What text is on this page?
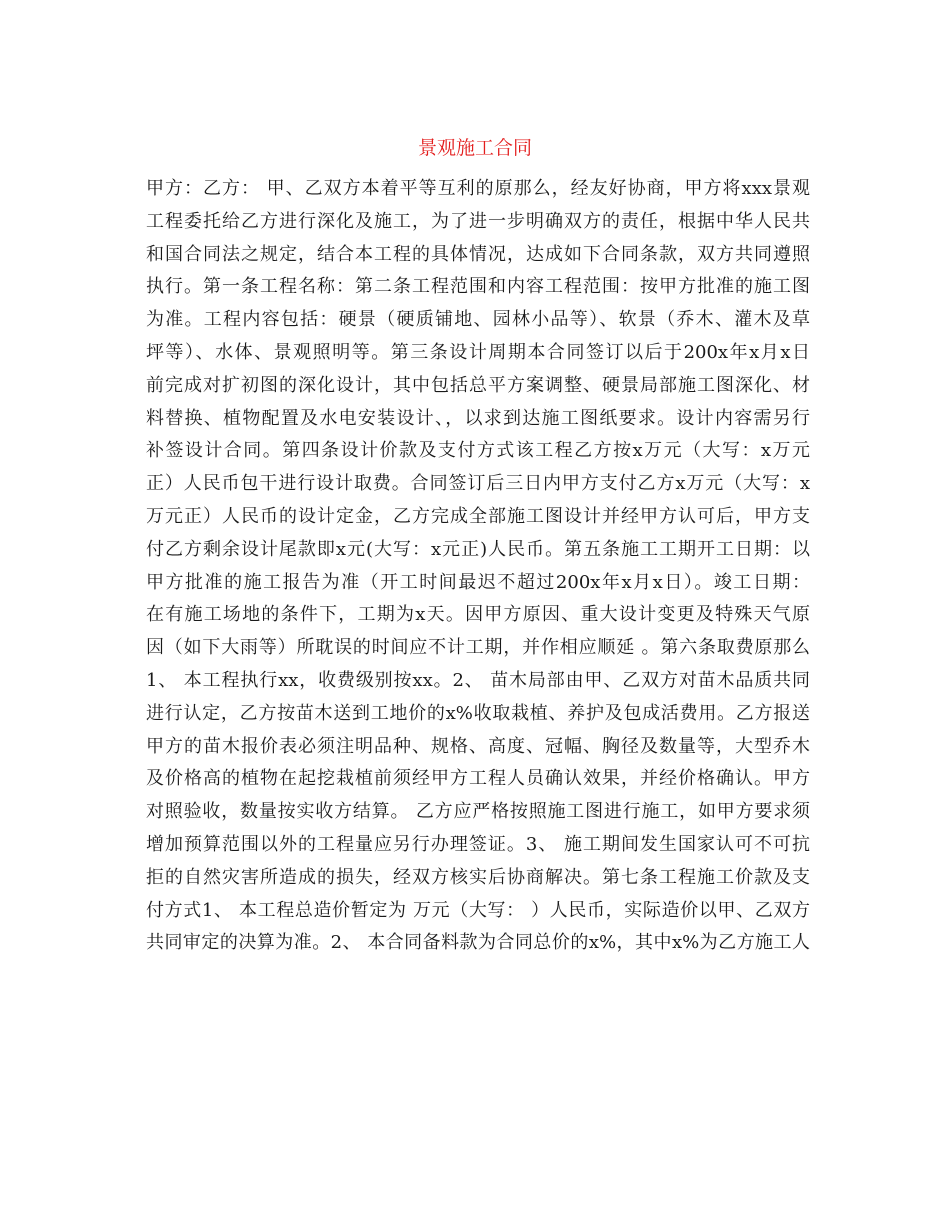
景观施工合同
甲方：乙方： 甲、乙双方本着平等互利的原那么，经友好协商，甲方将xxx景观
工程委托给乙方进行深化及施工，为了进一步明确双方的责任，根据中华人民共
和国合同法之规定，结合本工程的具体情况，达成如下合同条款，双方共同遵照
执行。第一条工程名称：第二条工程范围和内容工程范围：按甲方批准的施工图
为准。工程内容包括：硬景（硬质铺地、园林小品等）、软景（乔木、灌木及草
坪等）、水体、景观照明等。第三条设计周期本合同签订以后于200x年x月x日
前完成对扩初图的深化设计，其中包括总平方案调整、硬景局部施工图深化、材
料替换、植物配置及水电安装设计、，以求到达施工图纸要求。设计内容需另行
补签设计合同。第四条设计价款及支付方式该工程乙方按x万元（大写：x万元
正）人民币包干进行设计取费。合同签订后三日内甲方支付乙方x万元（大写：x
万元正）人民币的设计定金，乙方完成全部施工图设计并经甲方认可后，甲方支
付乙方剩余设计尾款即x元(大写：x元正)人民币。第五条施工工期开工日期：以
甲方批准的施工报告为准（开工时间最迟不超过200x年x月x日）。竣工日期：
在有施工场地的条件下，工期为x天。因甲方原因、重大设计变更及特殊天气原
因（如下大雨等）所耽误的时间应不计工期，并作相应顺延 。第六条取费原那么
1、 本工程执行xx，收费级别按xx。2、 苗木局部由甲、乙双方对苗木品质共同
进行认定，乙方按苗木送到工地价的x%收取栽植、养护及包成活费用。乙方报送
甲方的苗木报价表必须注明品种、规格、高度、冠幅、胸径及数量等，大型乔木
及价格高的植物在起挖栽植前须经甲方工程人员确认效果，并经价格确认。甲方
对照验收，数量按实收方结算。 乙方应严格按照施工图进行施工，如甲方要求须
增加预算范围以外的工程量应另行办理签证。3、 施工期间发生国家认可不可抗
拒的自然灾害所造成的损失，经双方核实后协商解决。第七条工程施工价款及支
付方式1、 本工程总造价暂定为 万元（大写： ）人民币，实际造价以甲、乙双方
共同审定的决算为准。2、 本合同备料款为合同总价的x%，其中x%为乙方施工人
